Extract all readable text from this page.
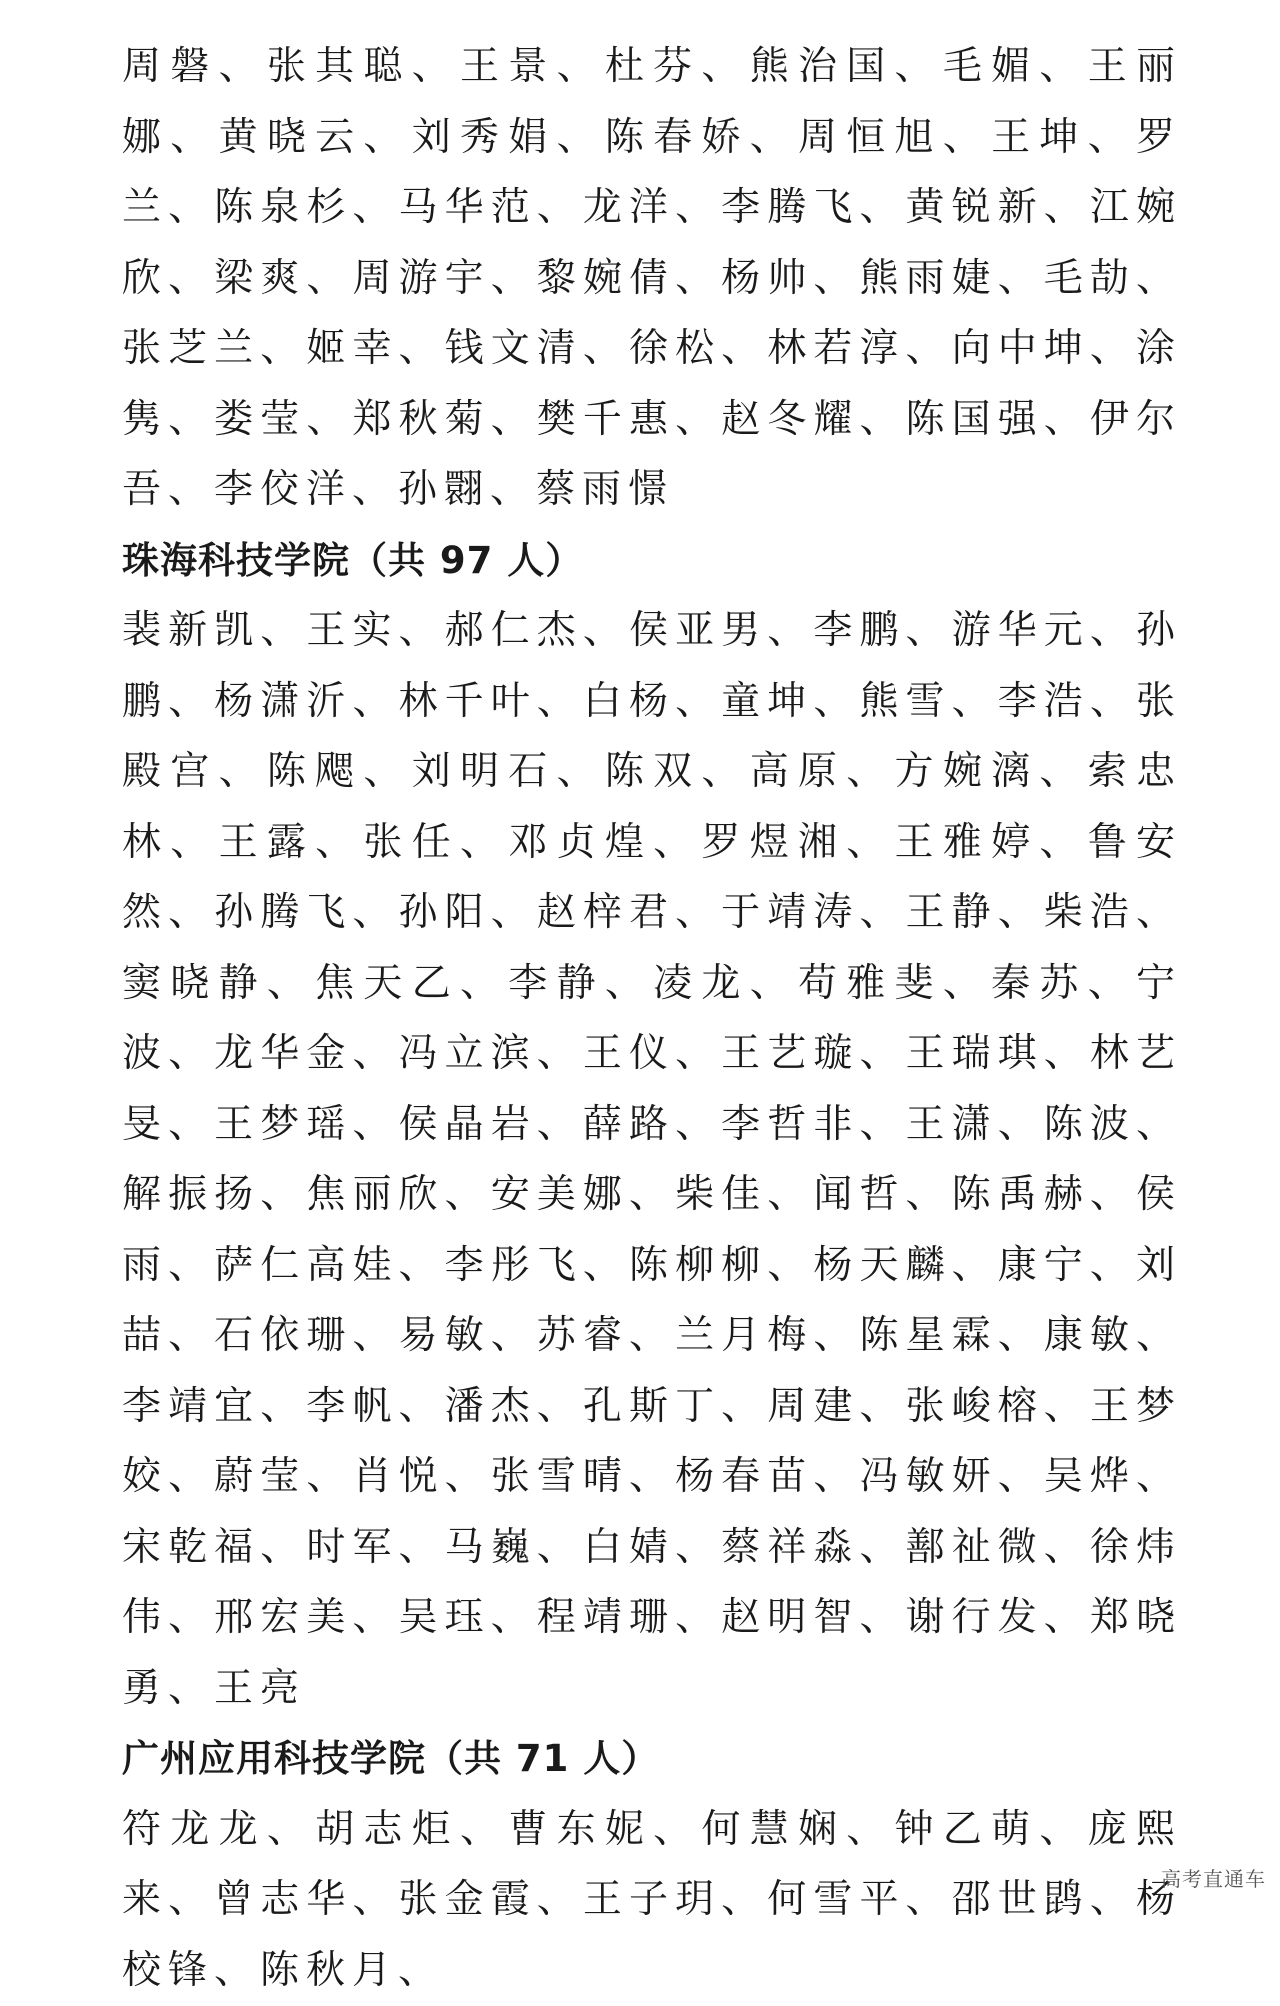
周磐、张其聪、王景、杜芬、熊治国、毛媚、王丽娜、黄晓云、刘秀娟、陈春娇、周恒旭、王坤、罗兰、陈泉杉、马华范、龙洋、李腾飞、黄锐新、江婉欣、梁爽、周游宇、黎婉倩、杨帅、熊雨婕、毛劼、张芝兰、姬幸、钱文清、徐松、林若淳、向中坤、涂隽、娄莹、郑秋菊、樊千惠、赵冬耀、陈国强、伊尔吾、李佼洋、孙翾、蔡雨憬

珠海科技学院（共 97 人）

裴新凯、王实、郝仁杰、侯亚男、李鹏、游华元、孙鹏、杨潇沂、林千叶、白杨、童坤、熊雪、李浩、张殿宫、陈飔、刘明石、陈双、高原、方婉漓、索忠林、王露、张任、邓贞煌、罗煜湘、王雅婷、鲁安然、孙腾飞、孙阳、赵梓君、于靖涛、王静、柴浩、窦晓静、焦天乙、李静、凌龙、苟雅斐、秦苏、宁波、龙华金、冯立滨、王仪、王艺璇、王瑞琪、林艺旻、王梦瑶、侯晶岩、薛路、李哲非、王潇、陈波、解振扬、焦丽欣、安美娜、柴佳、闻哲、陈禹赫、侯雨、萨仁高娃、李彤飞、陈柳柳、杨天麟、康宁、刘喆、石依珊、易敏、苏睿、兰月梅、陈星霖、康敏、李靖宜、李帆、潘杰、孔斯丁、周建、张峻榕、王梦姣、蔚莹、肖悦、张雪晴、杨春苗、冯敏妍、吴烨、宋乾福、时军、马巍、白婧、蔡祥淼、鄯祉微、徐炜伟、邢宏美、吴珏、程靖珊、赵明智、谢行发、郑晓勇、王亮

广州应用科技学院（共 71 人）

符龙龙、胡志炬、曹东妮、何慧娴、钟乙萌、庞熙来、曾志华、张金霞、王子玥、何雪平、邵世鹍、杨校锋、陈秋月、

高考直通车
